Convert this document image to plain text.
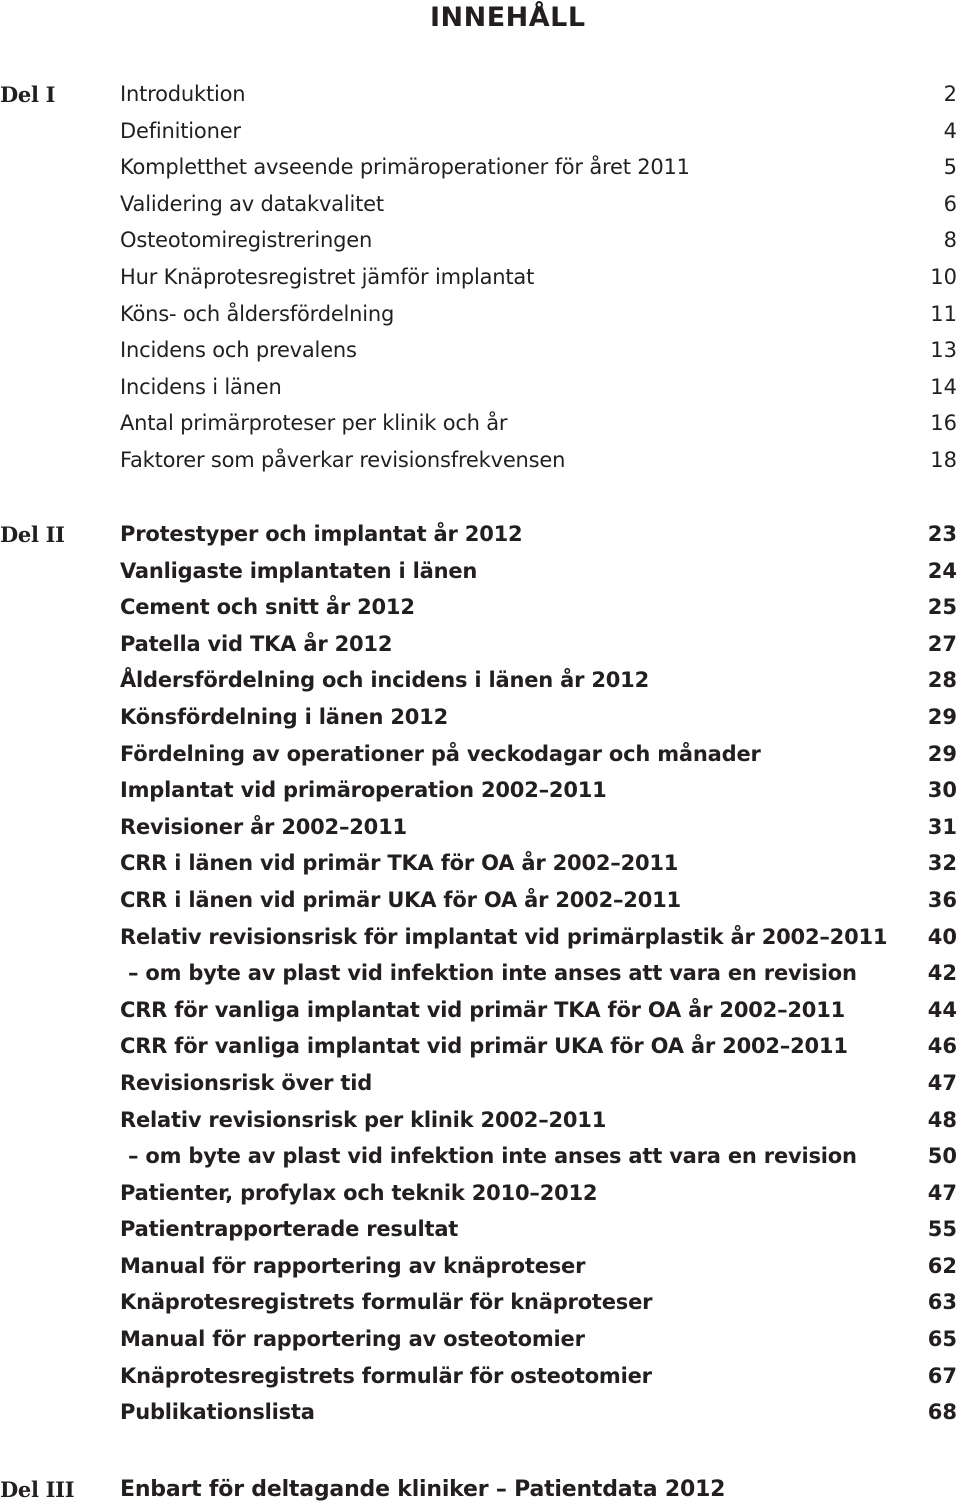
INNEHÅLL
Del I	Introduktion	2
Definitioner	4
Kompletthet avseende primäroperationer för året 2011	5
Validering av datakvalitet	6
Osteotomiregistreringen	8
Hur Knäprotesregistret jämför implantat	10
Köns- och åldersfördelning	11
Incidens och prevalens	13
Incidens i länen	14
Antal primärproteser per klinik och år	16
Faktorer som påverkar revisionsfrekvensen	18
Del II	Protestyper och implantat år 2012	23
Vanligaste implantaten i länen	24
Cement och snitt år 2012	25
Patella vid TKA år 2012	27
Åldersfördelning och incidens i länen år 2012	28
Könsfördelning i länen 2012	29
Fördelning av operationer på veckodagar och månader	29
Implantat vid primäroperation 2002–2011	30
Revisioner år 2002–2011	31
CRR i länen vid primär TKA för OA år 2002–2011	32
CRR i länen vid primär UKA för OA år 2002–2011	36
Relativ revisionsrisk för implantat vid primärplastik år 2002–2011 40
– om byte av plast vid infektion inte anses att vara en revision	42
CRR för vanliga implantat vid primär TKA för OA år 2002–2011	44
CRR för vanliga implantat vid primär UKA för OA år 2002–2011	46
Revisionsrisk över tid	47
Relativ revisionsrisk per klinik 2002–2011	48
– om byte av plast vid infektion inte anses att vara en revision	50
Patienter, profylax och teknik 2010–2012	47
Patientrapporterade resultat	55
Manual för rapportering av knäproteser	62
Knäprotesregistrets formulär för knäproteser	63
Manual för rapportering av osteotomier	65
Knäprotesregistrets formulär för osteotomier	67
Publikationslista	68
Del III Enbart för deltagande kliniker – Patientdata 2012
